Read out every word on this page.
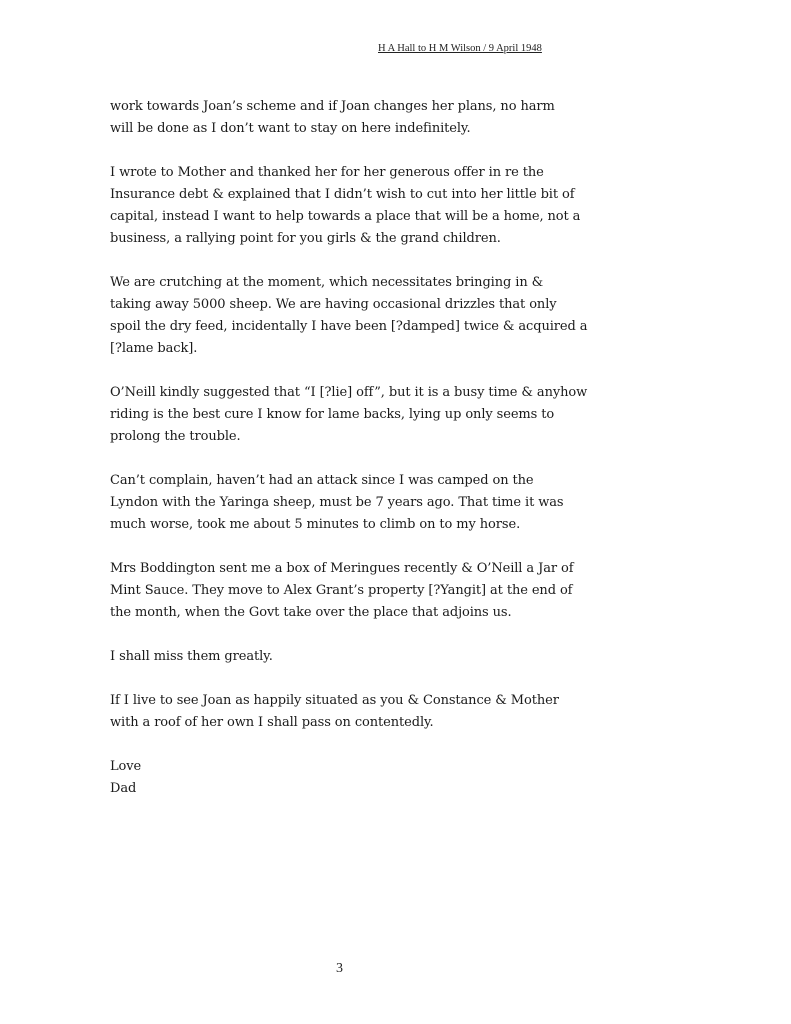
H A Hall to H M Wilson / 9 April 1948

work towards Joan’s scheme and if Joan changes her plans, no harm
will be done as I don’t want to stay on here indefinitely.

I wrote to Mother and thanked her for her generous offer in re the
Insurance debt & explained that I didn’t wish to cut into her little bit of
capital, instead I want to help towards a place that will be a home, not a
business, a rallying point for you girls & the grand children.

We are crutching at the moment, which necessitates bringing in &
taking away 5000 sheep. We are having occasional drizzles that only
spoil the dry feed, incidentally I have been [?damped] twice & acquired a
[?lame back].

O’Neill kindly suggested that “I [?lie] off”, but it is a busy time & anyhow
riding is the best cure I know for lame backs, lying up only seems to
prolong the trouble.

Can’t complain, haven’t had an attack since I was camped on the
Lyndon with the Yaringa sheep, must be 7 years ago. That time it was
much worse, took me about 5 minutes to climb on to my horse.

Mrs Boddington sent me a box of Meringues recently & O’Neill a Jar of
Mint Sauce. They move to Alex Grant’s property [?Yangit] at the end of
the month, when the Govt take over the place that adjoins us.

I shall miss them greatly.

If I live to see Joan as happily situated as you & Constance & Mother
with a roof of her own I shall pass on contentedly.

Love
Dad

3
